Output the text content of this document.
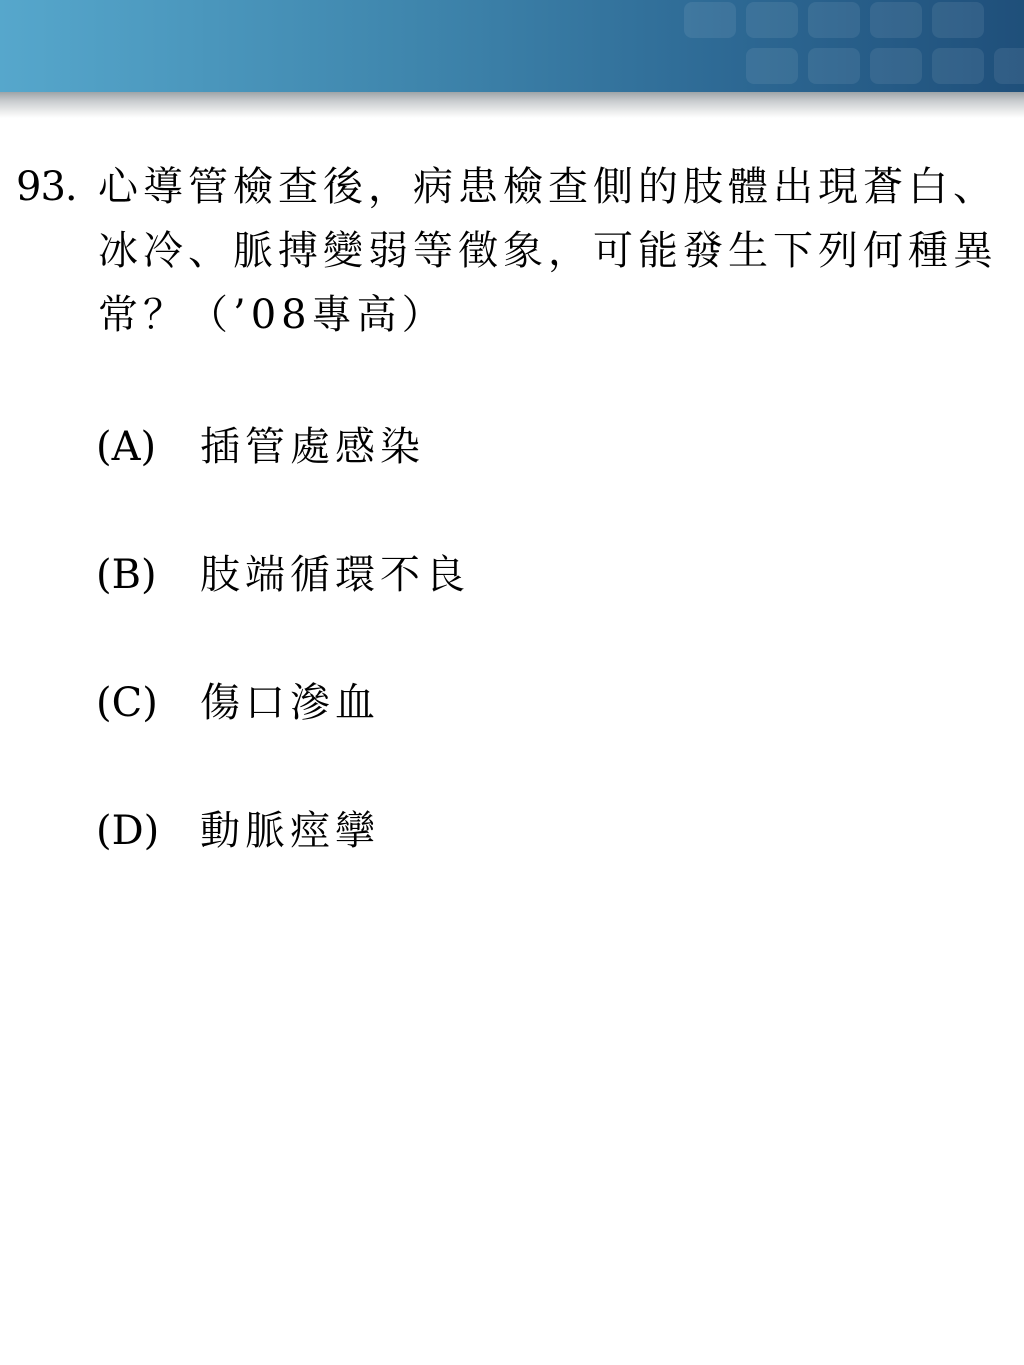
93. 心導管檢查後，病患檢查側的肢體出現蒼白、冰冷、脈搏變弱等徵象，可能發生下列何種異常？（’08專高）
(A) 插管處感染
(B) 肢端循環不良
(C) 傷口滲血
(D) 動脈痙攣
